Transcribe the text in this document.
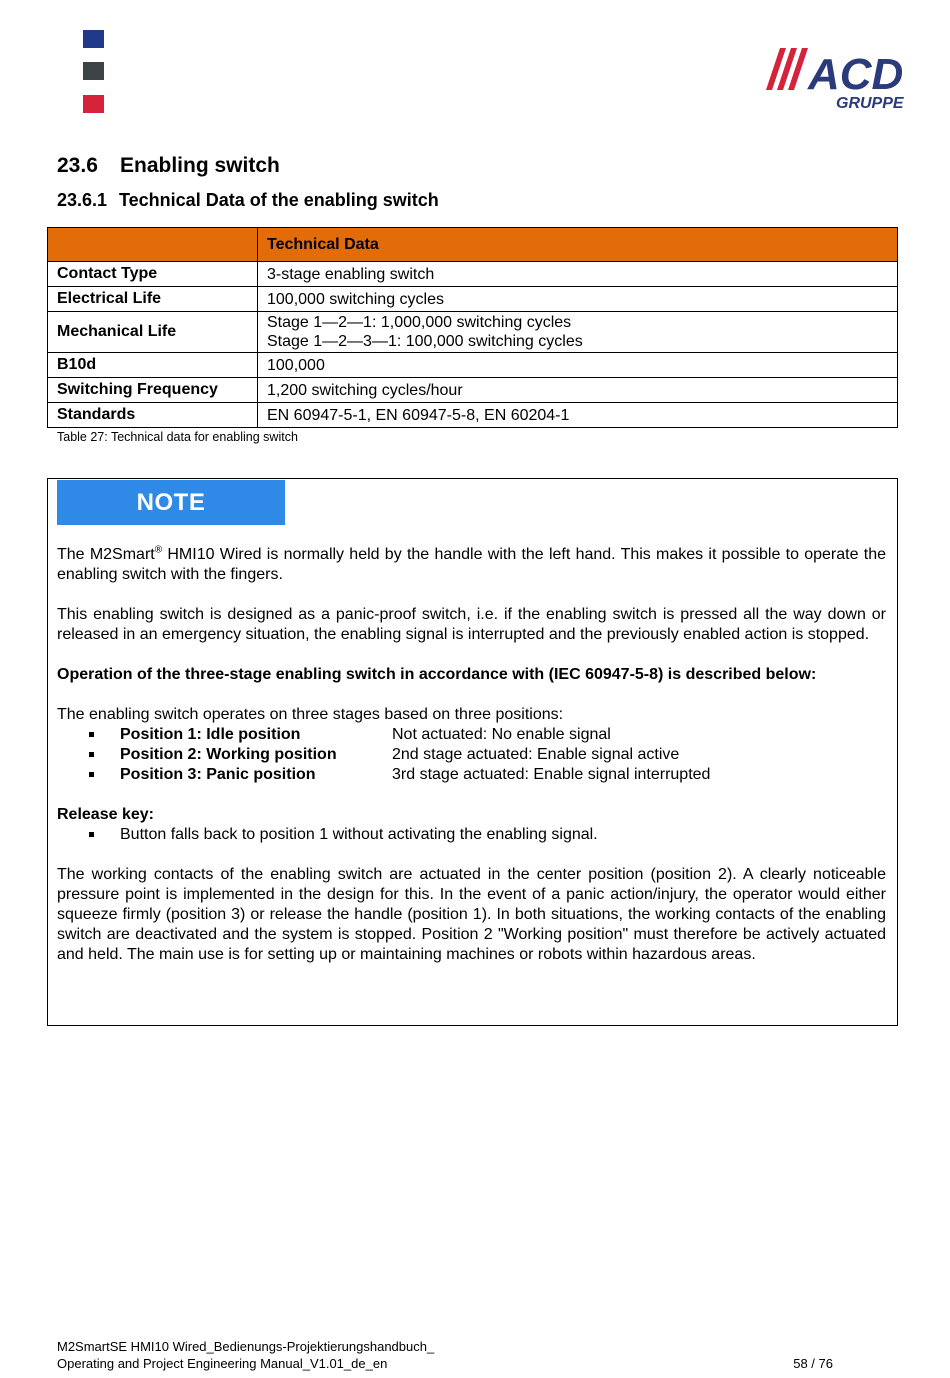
ACD
GRUPPE
23.6 Enabling switch
23.6.1 Technical Data of the enabling switch
	Technical Data
Contact Type	3-stage enabling switch
Electrical Life	100,000 switching cycles
Mechanical Life	Stage 1—2—1: 1,000,000 switching cycles
Stage 1—2—3—1: 100,000 switching cycles

B10d	100,000
Switching Frequency	1,200 switching cycles/hour
Standards	EN 60947-5-1, EN 60947-5-8, EN 60204-1
Table 27: Technical data for enabling switch
NOTE

The M2Smart® HMI10 Wired is normally held by the handle with the left hand. This makes it possible to operate the enabling switch with the fingers.

This enabling switch is designed as a panic-proof switch, i.e. if the enabling switch is pressed all the way down or released in an emergency situation, the enabling signal is interrupted and the previously enabled action is stopped.

Operation of the three-stage enabling switch in accordance with (IEC 60947-5-8) is described below:

The enabling switch operates on three stages based on three positions:

Position 1: Idle position	Not actuated: No enable signal
Position 2: Working position	2nd stage actuated: Enable signal active
Position 3: Panic position	3rd stage actuated: Enable signal interrupted

Release key:

Button falls back to position 1 without activating the enabling signal.

The working contacts of the enabling switch are actuated in the center position (position 2). A clearly noticeable pressure point is implemented in the design for this. In the event of a panic action/injury, the operator would either squeeze firmly (position 3) or release the handle (position 1). In both situations, the working contacts of the enabling switch are deactivated and the system is stopped. Position 2 "Working position" must therefore be actively actuated and held. The main use is for setting up or maintaining machines or robots within hazardous areas.

M2SmartSE HMI10 Wired_Bedienungs-Projektierungshandbuch_
Operating and Project Engineering Manual_V1.01_de_en	58 / 76
